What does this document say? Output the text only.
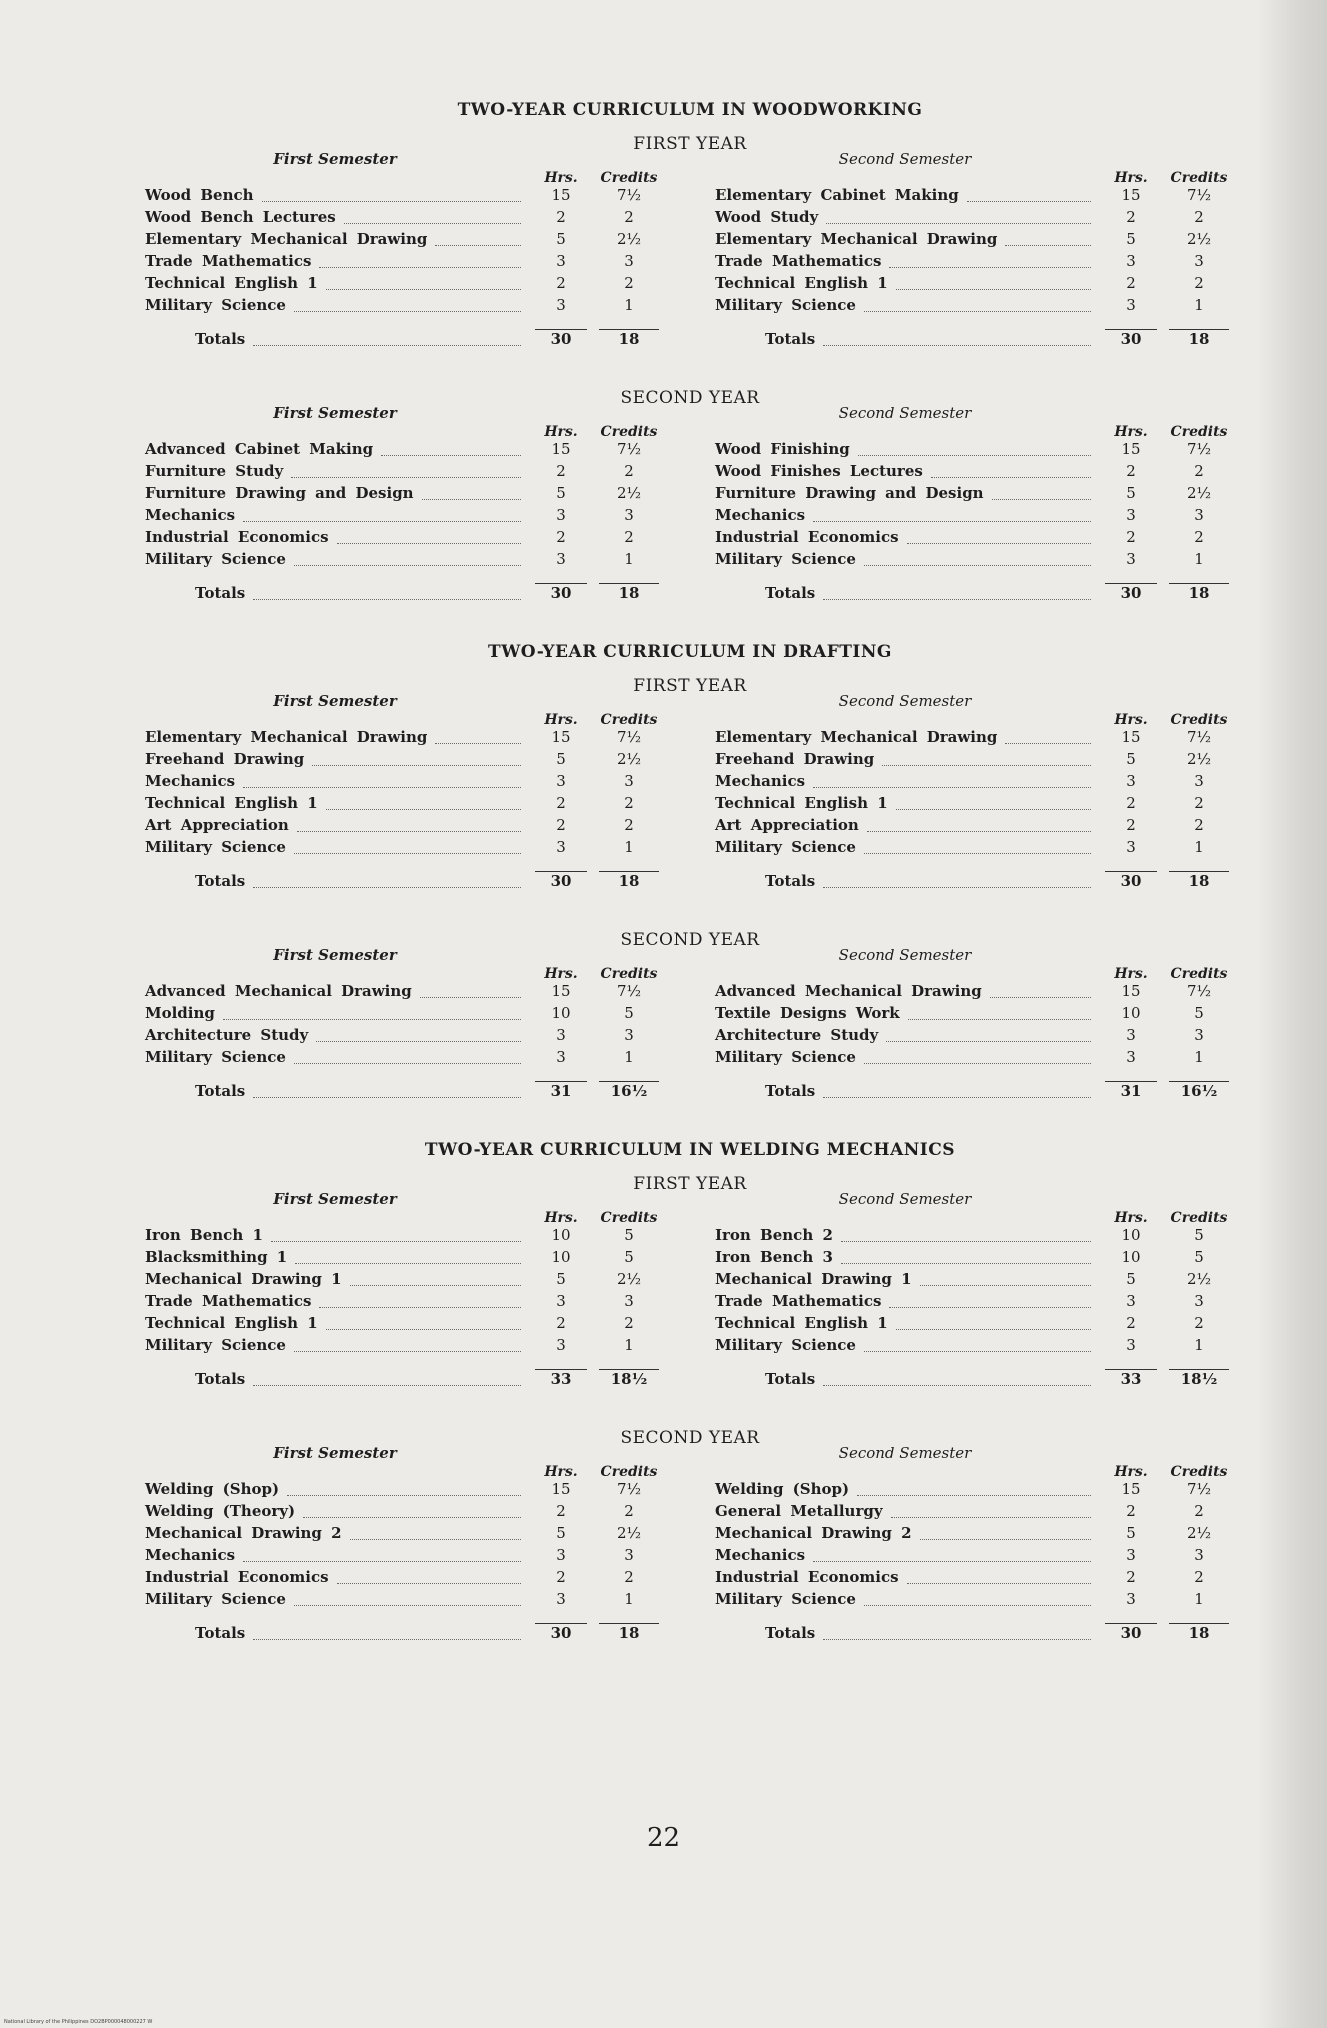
TWO-YEAR CURRICULUM IN WOODWORKING
FIRST YEAR
First Semester
Hrs.	Credits
Wood Bench	15	7½
Wood Bench Lectures	2	2
Elementary Mechanical Drawing	5	2½
Trade Mathematics	3	3
Technical English 1	2	2
Military Science	3	1
Totals	30	18
Second Semester
Hrs.	Credits
Elementary Cabinet Making	15	7½
Wood Study	2	2
Elementary Mechanical Drawing	5	2½
Trade Mathematics	3	3
Technical English 1	2	2
Military Science	3	1
Totals	30	18
SECOND YEAR
First Semester
Hrs.	Credits
Advanced Cabinet Making	15	7½
Furniture Study	2	2
Furniture Drawing and Design	5	2½
Mechanics	3	3
Industrial Economics	2	2
Military Science	3	1
Totals	30	18
Second Semester
Hrs.	Credits
Wood Finishing	15	7½
Wood Finishes Lectures	2	2
Furniture Drawing and Design	5	2½
Mechanics	3	3
Industrial Economics	2	2
Military Science	3	1
Totals	30	18
TWO-YEAR CURRICULUM IN DRAFTING
FIRST YEAR
First Semester
Hrs.	Credits
Elementary Mechanical Drawing	15	7½
Freehand Drawing	5	2½
Mechanics	3	3
Technical English 1	2	2
Art Appreciation	2	2
Military Science	3	1
Totals	30	18
Second Semester
Hrs.	Credits
Elementary Mechanical Drawing	15	7½
Freehand Drawing	5	2½
Mechanics	3	3
Technical English 1	2	2
Art Appreciation	2	2
Military Science	3	1
Totals	30	18
SECOND YEAR
First Semester
Hrs.	Credits
Advanced Mechanical Drawing	15	7½
Molding	10	5
Architecture Study	3	3
Military Science	3	1
Totals	31	16½
Second Semester
Hrs.	Credits
Advanced Mechanical Drawing	15	7½
Textile Designs Work	10	5
Architecture Study	3	3
Military Science	3	1
Totals	31	16½
TWO-YEAR CURRICULUM IN WELDING MECHANICS
FIRST YEAR
First Semester
Hrs.	Credits
Iron Bench 1	10	5
Blacksmithing 1	10	5
Mechanical Drawing 1	5	2½
Trade Mathematics	3	3
Technical English 1	2	2
Military Science	3	1
Totals	33	18½
Second Semester
Hrs.	Credits
Iron Bench 2	10	5
Iron Bench 3	10	5
Mechanical Drawing 1	5	2½
Trade Mathematics	3	3
Technical English 1	2	2
Military Science	3	1
Totals	33	18½
SECOND YEAR
First Semester
Hrs.	Credits
Welding (Shop)	15	7½
Welding (Theory)	2	2
Mechanical Drawing 2	5	2½
Mechanics	3	3
Industrial Economics	2	2
Military Science	3	1
Totals	30	18
Second Semester
Hrs.	Credits
Welding (Shop)	15	7½
General Metallurgy	2	2
Mechanical Drawing 2	5	2½
Mechanics	3	3
Industrial Economics	2	2
Military Science	3	1
Totals	30	18
22
National Library of the Philippines DO2BP000048000227 W
